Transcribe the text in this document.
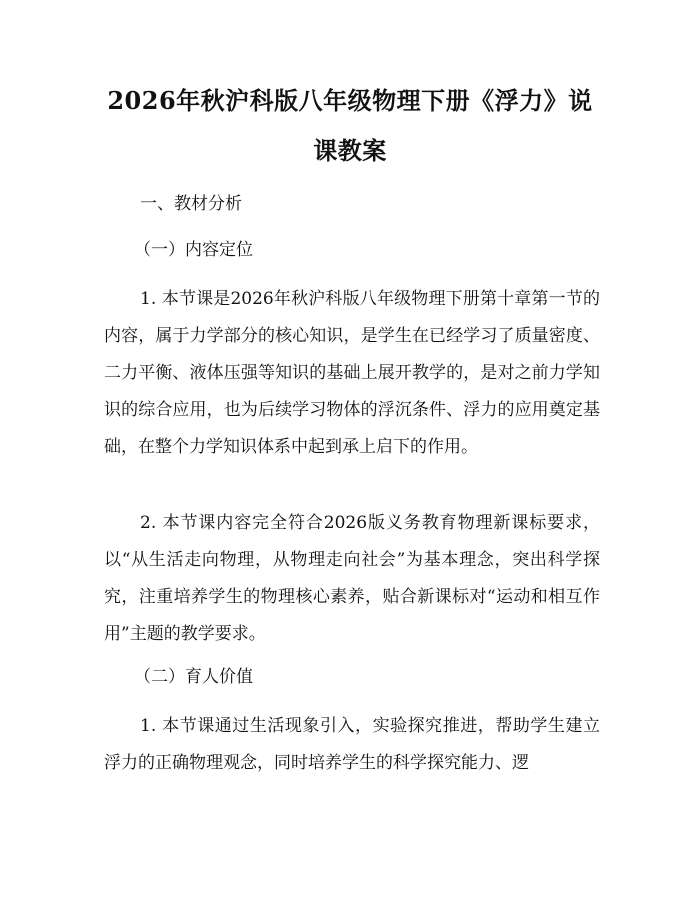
2026年秋沪科版八年级物理下册《浮力》说
课教案

一、教材分析

（一）内容定位

1. 本节课是2026年秋沪科版八年级物理下册第十章第一节的内容，属于力学部分的核心知识，是学生在已经学习了质量密度、二力平衡、液体压强等知识的基础上展开教学的，是对之前力学知识的综合应用，也为后续学习物体的浮沉条件、浮力的应用奠定基础，在整个力学知识体系中起到承上启下的作用。

2. 本节课内容完全符合2026版义务教育物理新课标要求，以“从生活走向物理，从物理走向社会”为基本理念，突出科学探究，注重培养学生的物理核心素养，贴合新课标对“运动和相互作用”主题的教学要求。

（二）育人价值

1. 本节课通过生活现象引入，实验探究推进，帮助学生建立浮力的正确物理观念，同时培养学生的科学探究能力、逻
